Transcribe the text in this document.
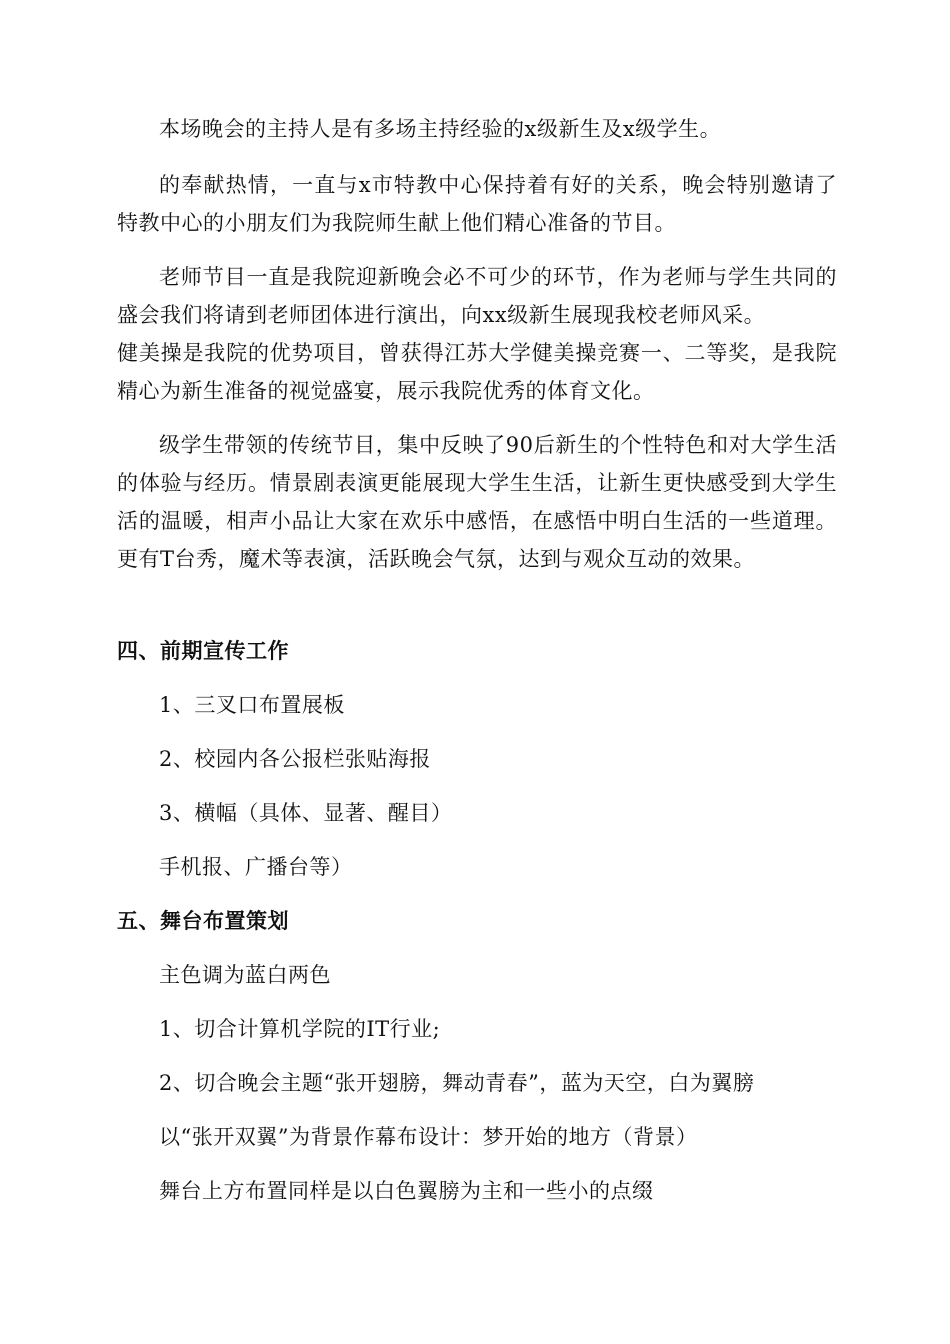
本场晚会的主持人是有多场主持经验的x级新生及x级学生。

的奉献热情，一直与x市特教中心保持着有好的关系，晚会特别邀请了特教中心的小朋友们为我院师生献上他们精心准备的节目。

老师节目一直是我院迎新晚会必不可少的环节，作为老师与学生共同的盛会我们将请到老师团体进行演出，向xx级新生展现我校老师风采。

健美操是我院的优势项目，曾获得江苏大学健美操竞赛一、二等奖，是我院精心为新生准备的视觉盛宴，展示我院优秀的体育文化。

级学生带领的传统节目，集中反映了90后新生的个性特色和对大学生活的体验与经历。情景剧表演更能展现大学生生活，让新生更快感受到大学生活的温暖，相声小品让大家在欢乐中感悟，在感悟中明白生活的一些道理。更有T台秀，魔术等表演，活跃晚会气氛，达到与观众互动的效果。

四、前期宣传工作

1、三叉口布置展板

2、校园内各公报栏张贴海报

3、横幅（具体、显著、醒目）

手机报、广播台等）

五、舞台布置策划

主色调为蓝白两色

1、切合计算机学院的IT行业;

2、切合晚会主题“张开翅膀，舞动青春”，蓝为天空，白为翼膀

以“张开双翼”为背景作幕布设计：梦开始的地方（背景）

舞台上方布置同样是以白色翼膀为主和一些小的点缀
